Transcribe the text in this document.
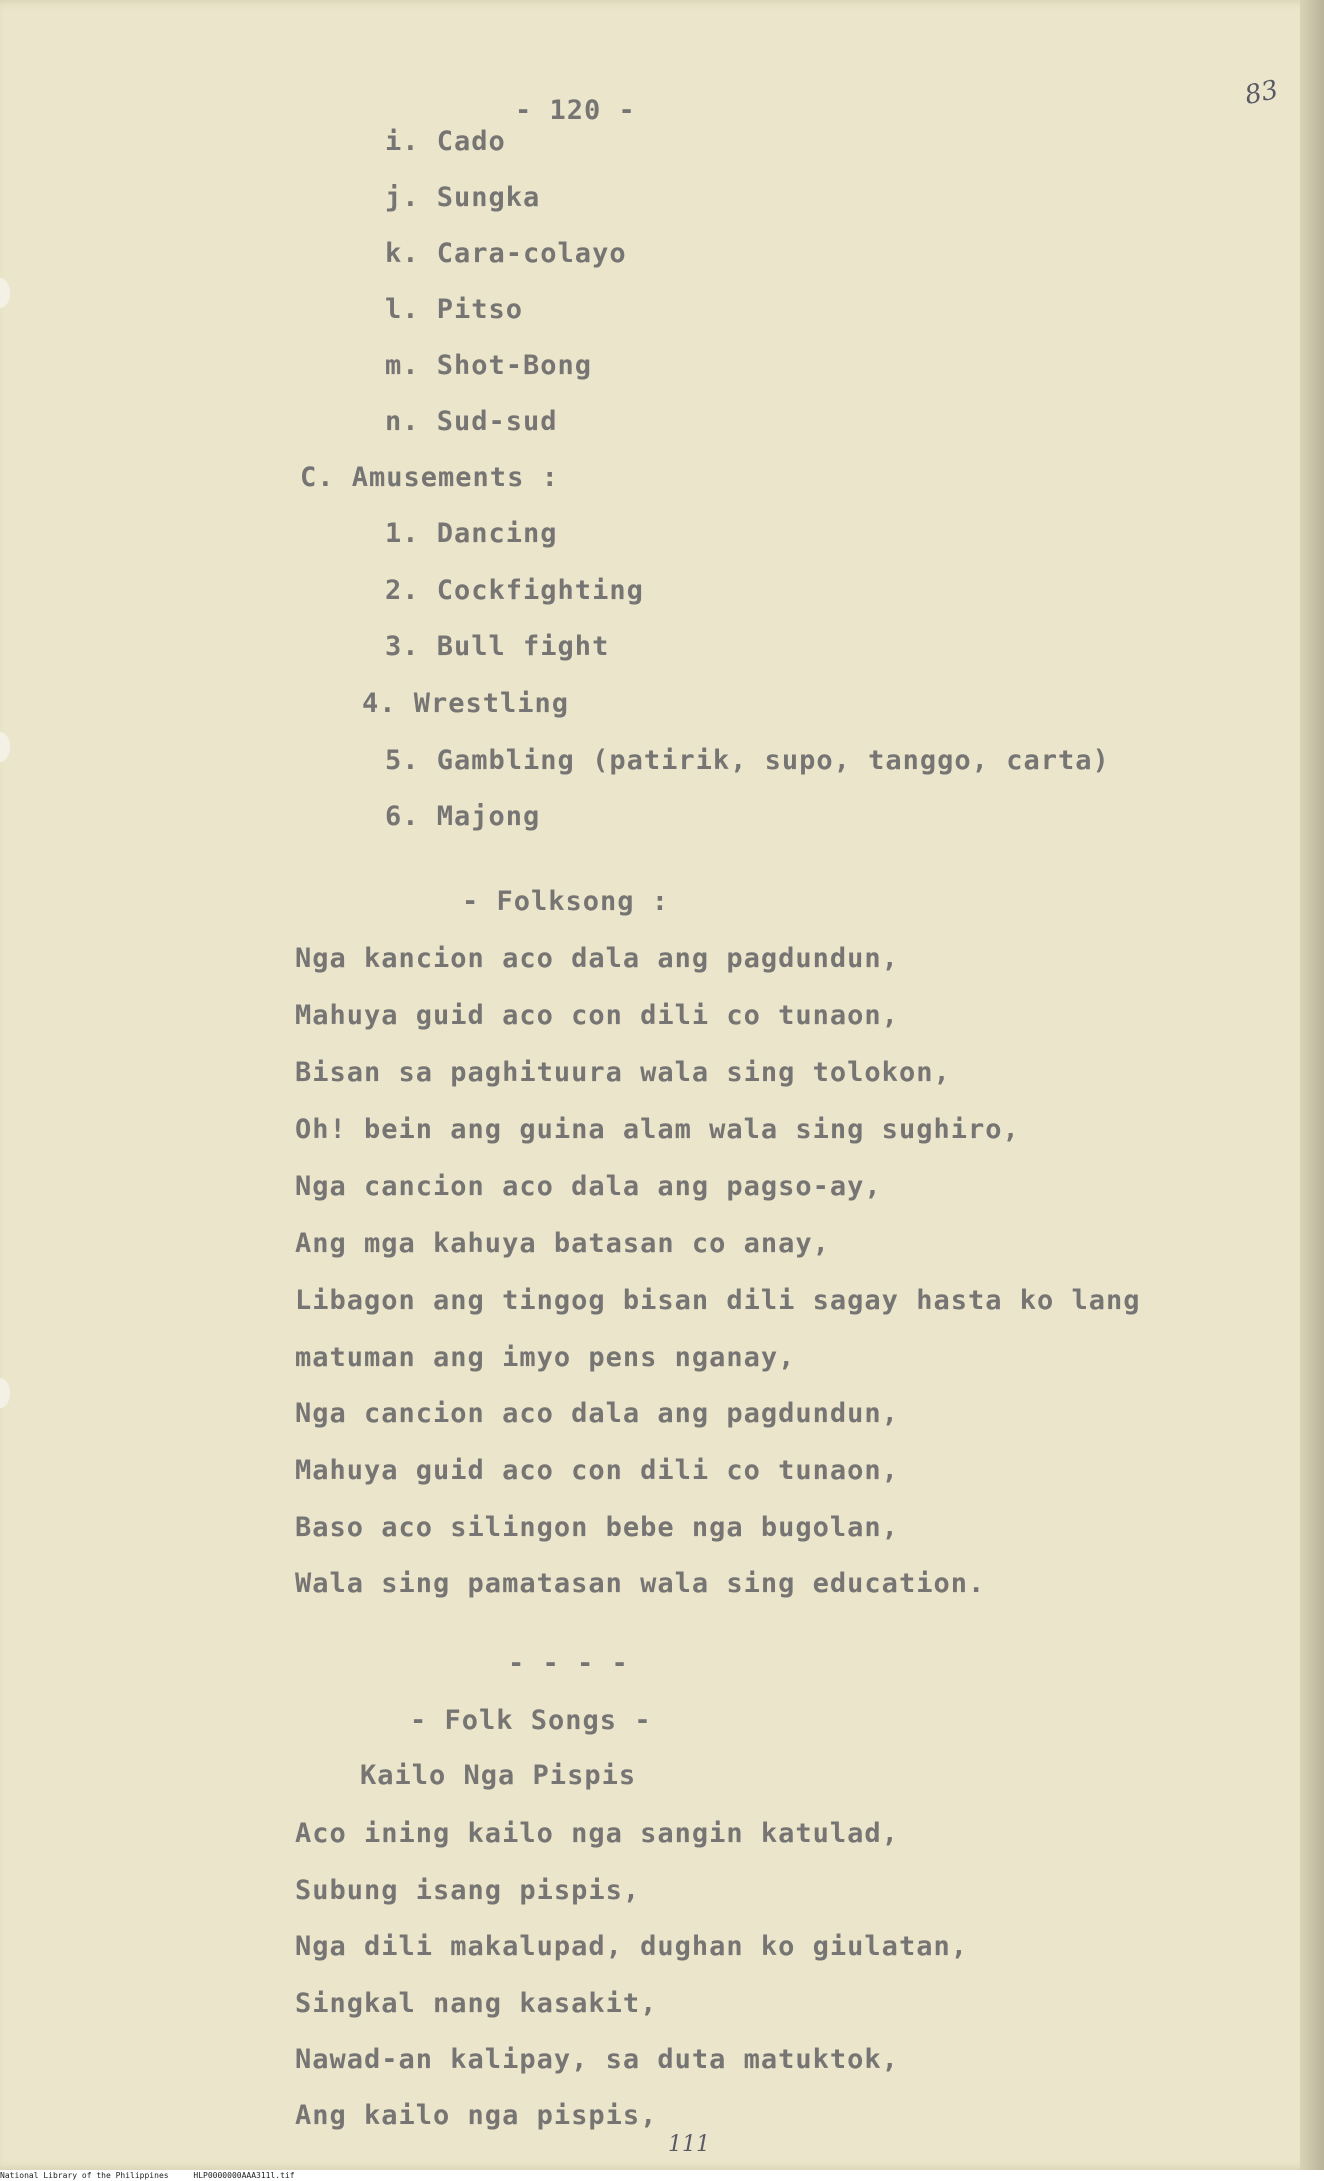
- 120 -	83
i. Cado
j. Sungka
k. Cara-colayo
l. Pitso
m. Shot-Bong
n. Sud-sud
C. Amusements :
1. Dancing
2. Cockfighting
3. Bull fight
4. Wrestling
5. Gambling (patirik, supo, tanggo, carta)
6. Majong
- Folksong :
Nga kancion aco dala ang pagdundun,
Mahuya guid aco con dili co tunaon,
Bisan sa paghituura wala sing tolokon,
Oh! bein ang guina alam wala sing sughiro,
Nga cancion aco dala ang pagso-ay,
Ang mga kahuya batasan co anay,
Libagon ang tingog bisan dili sagay hasta ko lang
matuman ang imyo pens nganay,
Nga cancion aco dala ang pagdundun,
Mahuya guid aco con dili co tunaon,
Baso aco silingon bebe nga bugolan,
Wala sing pamatasan wala sing education.
- - - -
- Folk Songs -
Kailo Nga Pispis
Aco ining kailo nga sangin katulad,
Subung isang pispis,
Nga dili makalupad, dughan ko giulatan,
Singkal nang kasakit,
Nawad-an kalipay, sa duta matuktok,
Ang kailo nga pispis,
111
National Library of the Philippines	HLP0000000AAA311l.tif
